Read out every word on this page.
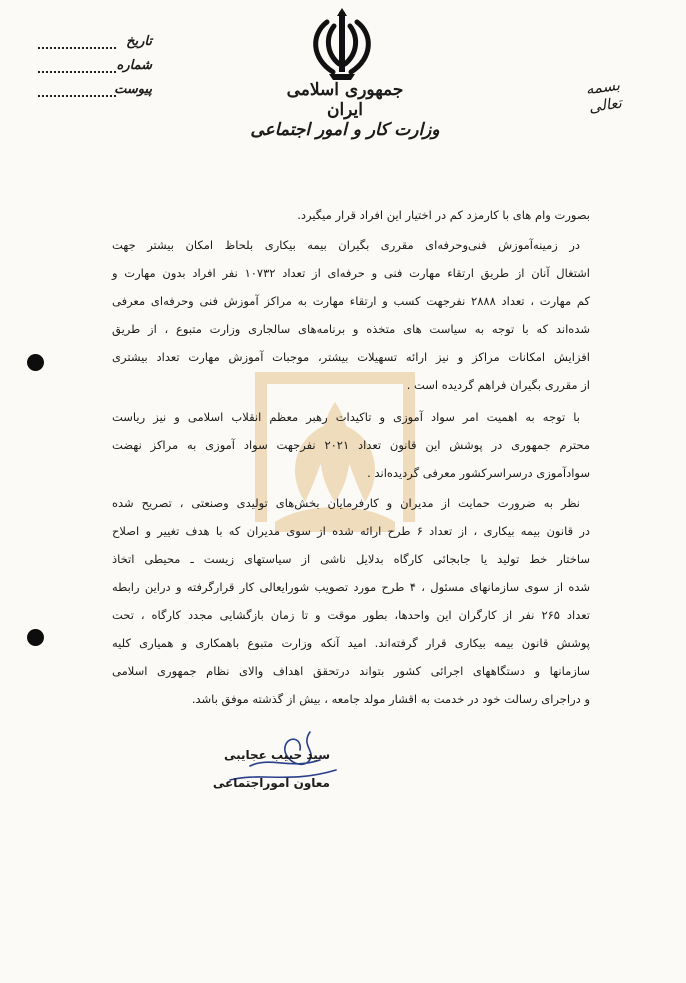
جمهوری اسلامی ایران
وزارت کار و امور اجتماعی
بسمه تعالی
تاریخ
شماره
پیوست
بصورت وام های با کارمزد کم در اختیار این افراد قرار میگیرد.
در زمینه‌آموزش فنی‌وحرفه‌ای مقرری بگیران بیمه بیکاری بلحاظ امکان بیشتر جهت
اشتغال آنان از طریق ارتقاء مهارت فنی و حرفه‌ای از تعداد ۱۰۷۳۲ نفر افراد بدون مهارت و
کم مهارت ، تعداد ۲۸۸۸ نفرجهت کسب و ارتقاء مهارت به مراکز آموزش فنی وحرفه‌ای معرفی
شده‌اند که با توجه به سیاست های متخذه و برنامه‌های سالجاری وزارت متبوع ، از طریق
افزایش امکانات مراکز و نیز ارائه تسهیلات بیشتر، موجبات آموزش مهارت تعداد بیشتری
از مقرری بگیران فراهم گردیده است .
با توجه به اهمیت امر سواد آموزی و تاکیدات رهبر معظم انقلاب اسلامی و نیز ریاست
محترم جمهوری در پوشش این قانون تعداد ۲۰۲۱ نفرجهت سواد آموزی به مراکز نهضت
سوادآموزی درسراسرکشور معرفی گردیده‌اند .
نظر به ضرورت حمایت از مدیران و کارفرمایان بخش‌های تولیدی وصنعتی ، تصریح شده
در قانون بیمه بیکاری ، از تعداد ۶ طرح ارائه شده از سوی مدیران که با هدف تغییر و اصلاح
ساختار خط تولید یا جابجائی کارگاه بدلایل ناشی از سیاستهای زیست ـ محیطی اتخاذ
شده از سوی سازمانهای مسئول ، ۴ طرح مورد تصویب شورایعالی کار قرارگرفته و دراین رابطه
تعداد ۲۶۵ نفر از کارگران این واحدها، بطور موقت و تا زمان بازگشایی مجدد کارگاه ، تحت
پوشش قانون بیمه بیکاری قرار گرفته‌اند. امید آنکه وزارت متبوع باهمکاری و همیاری کلیه
سازمانها و دستگاههای اجرائی کشور بتواند درتحقق اهداف والای نظام جمهوری اسلامی
و دراجرای رسالت خود در خدمت به اقشار مولد جامعه ، بیش از گذشته موفق باشد.
سید حبیب عجایبی
معاون اموراجتماعی
